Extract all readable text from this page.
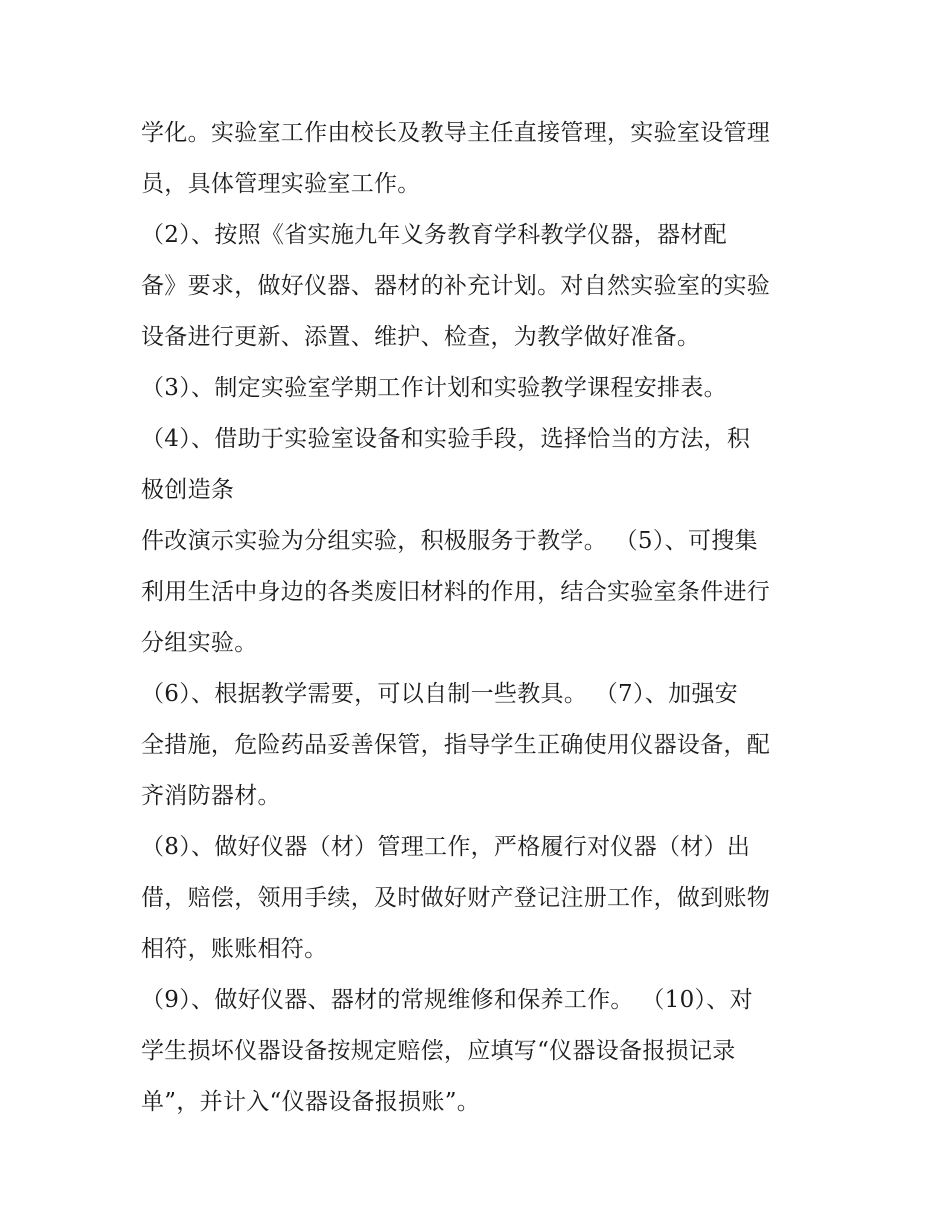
学化。实验室工作由校长及教导主任直接管理，实验室设管理
员，具体管理实验室工作。
（2）、按照《省实施九年义务教育学科教学仪器，器材配
备》要求，做好仪器、器材的补充计划。对自然实验室的实验
设备进行更新、添置、维护、检查，为教学做好准备。
（3）、制定实验室学期工作计划和实验教学课程安排表。
（4）、借助于实验室设备和实验手段，选择恰当的方法，积
极创造条
件改演示实验为分组实验，积极服务于教学。 （5）、可搜集
利用生活中身边的各类废旧材料的作用，结合实验室条件进行
分组实验。
（6）、根据教学需要，可以自制一些教具。 （7）、加强安
全措施，危险药品妥善保管，指导学生正确使用仪器设备，配
齐消防器材。
（8）、做好仪器（材）管理工作，严格履行对仪器（材）出
借，赔偿，领用手续，及时做好财产登记注册工作，做到账物
相符，账账相符。
（9）、做好仪器、器材的常规维修和保养工作。 （10）、对
学生损坏仪器设备按规定赔偿，应填写“仪器设备报损记录
单”，并计入“仪器设备报损账”。
